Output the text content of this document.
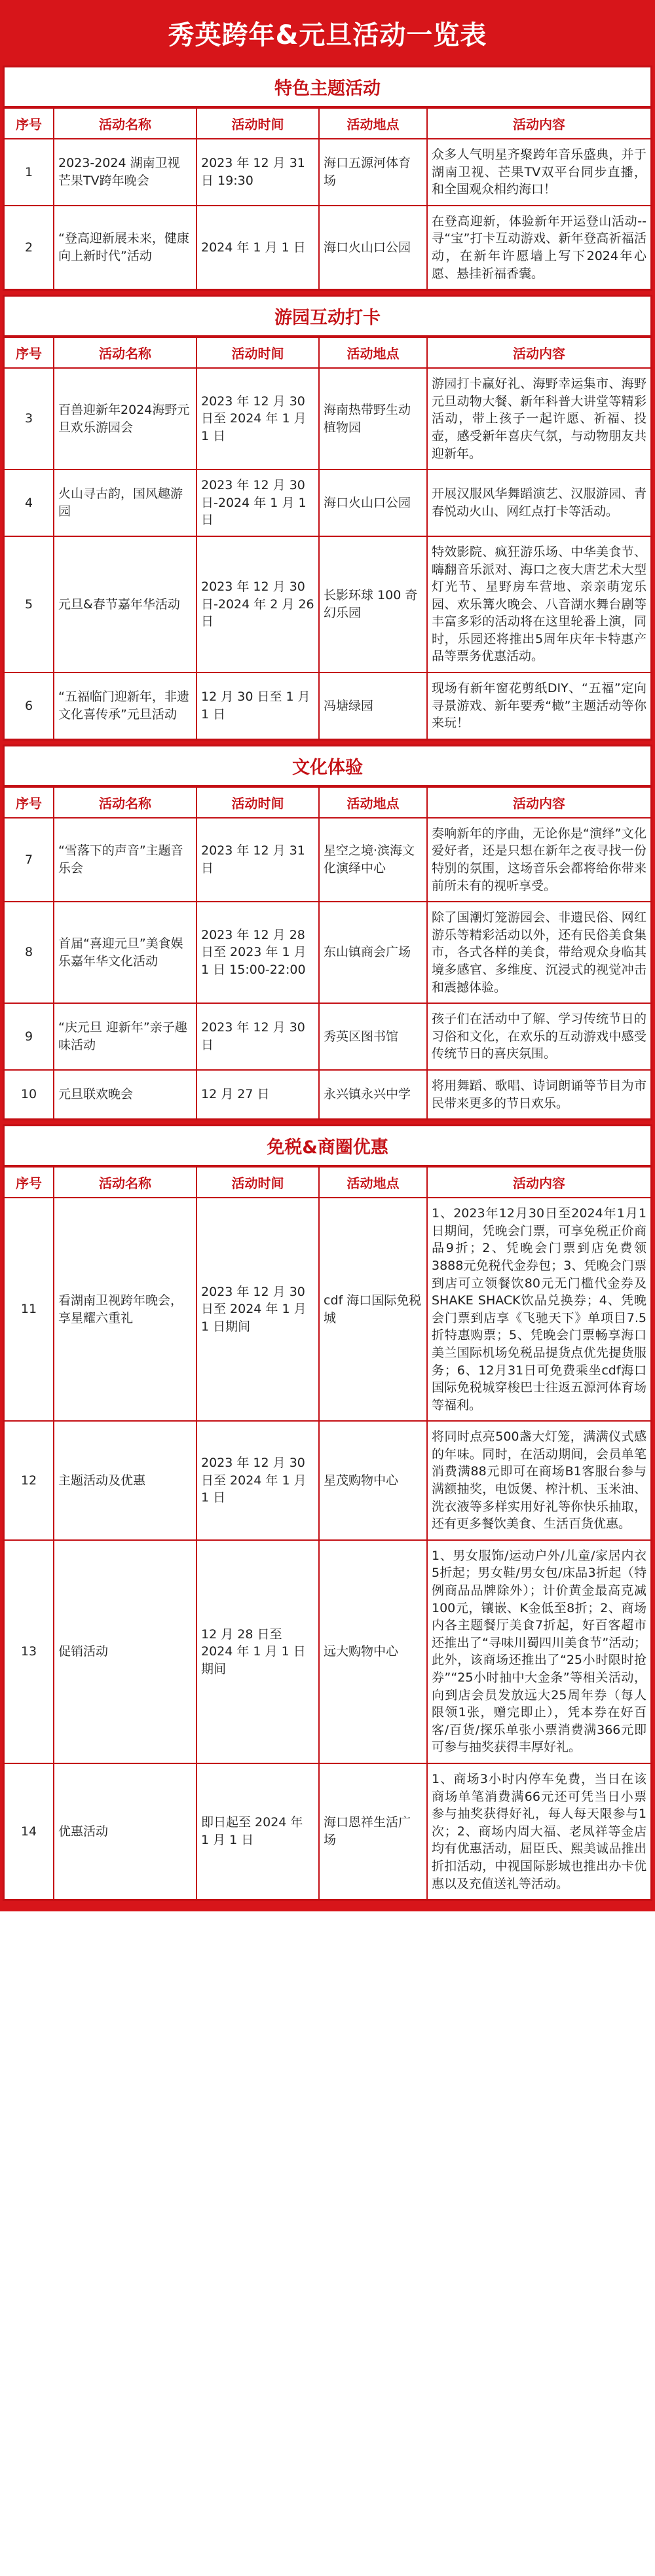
秀英跨年&元旦活动一览表
特色主题活动
序号	活动名称	活动时间	活动地点	活动内容
1	2023-2024 湖南卫视芒果TV跨年晚会	2023 年 12 月 31日 19:30	海口五源河体育场	众多人气明星齐聚跨年音乐盛典，并于湖南卫视、芒果TV双平台同步直播，和全国观众相约海口！
2	“登高迎新展未来，健康向上新时代”活动	2024 年 1 月 1 日	海口火山口公园	在登高迎新，体验新年开运登山活动--寻“宝”打卡互动游戏、新年登高祈福活动，在新年许愿墙上写下2024年心愿、悬挂祈福香囊。
游园互动打卡
序号	活动名称	活动时间	活动地点	活动内容
3	百兽迎新年2024海野元旦欢乐游园会	2023 年 12 月 30 日至 2024 年 1 月 1 日	海南热带野生动植物园	游园打卡赢好礼、海野幸运集市、海野元旦动物大餐、新年科普大讲堂等精彩活动，带上孩子一起许愿、祈福、投壶，感受新年喜庆气氛，与动物朋友共迎新年。
4	火山寻古韵，国风趣游园	2023 年 12 月 30 日-2024 年 1 月 1 日	海口火山口公园	开展汉服风华舞蹈演艺、汉服游园、青春悦动火山、网红点打卡等活动。
5	元旦&春节嘉年华活动	2023 年 12 月 30 日-2024 年 2 月 26 日	长影环球 100 奇幻乐园	特效影院、疯狂游乐场、中华美食节、嗨翻音乐派对、海口之夜大唐艺术大型灯光节、星野房车营地、亲亲萌宠乐园、欢乐篝火晚会、八音湖水舞台剧等丰富多彩的活动将在这里轮番上演，同时，乐园还将推出5周年庆年卡特惠产品等票务优惠活动。
6	“五福临门迎新年，非遗文化喜传承”元旦活动	12 月 30 日至 1 月 1 日	冯塘绿园	现场有新年窗花剪纸DIY、“五福”定向寻景游戏、新年要秀“橄”主题活动等你来玩！
文化体验
序号	活动名称	活动时间	活动地点	活动内容
7	“雪落下的声音”主题音乐会	2023 年 12 月 31 日	星空之境·滨海文化演绎中心	奏响新年的序曲，无论你是“演绎”文化爱好者，还是只想在新年之夜寻找一份特别的氛围，这场音乐会都将给你带来前所未有的视听享受。
8	首届“喜迎元旦”美食娱乐嘉年华文化活动	2023 年 12 月 28 日至 2023 年 1 月 1 日 15:00-22:00	东山镇商会广场	除了国潮灯笼游园会、非遗民俗、网红游乐等精彩活动以外，还有民俗美食集市，各式各样的美食，带给观众身临其境多感官、多维度、沉浸式的视觉冲击和震撼体验。
9	“庆元旦 迎新年”亲子趣味活动	2023 年 12 月 30 日	秀英区图书馆	孩子们在活动中了解、学习传统节日的习俗和文化，在欢乐的互动游戏中感受传统节日的喜庆氛围。
10	元旦联欢晚会	12 月 27 日	永兴镇永兴中学	将用舞蹈、歌唱、诗词朗诵等节目为市民带来更多的节日欢乐。
免税&商圈优惠
序号	活动名称	活动时间	活动地点	活动内容
11	看湖南卫视跨年晚会，享星耀六重礼	2023 年 12 月 30 日至 2024 年 1 月 1 日期间	cdf 海口国际免税城	1、2023年12月30日至2024年1月1日期间，凭晚会门票，可享免税正价商品9折；2、凭晚会门票到店免费领3888元免税代金券包；3、凭晚会门票到店可立领餐饮80元无门槛代金券及SHAKE SHACK饮品兑换券；4、凭晚会门票到店享《飞驰天下》单项目7.5折特惠购票；5、凭晚会门票畅享海口美兰国际机场免税品提货点优先提货服务；6、12月31日可免费乘坐cdf海口国际免税城穿梭巴士往返五源河体育场等福利。
12	主题活动及优惠	2023 年 12 月 30 日至 2024 年 1 月 1 日	星茂购物中心	将同时点亮500盏大灯笼，满满仪式感的年味。同时，在活动期间，会员单笔消费满88元即可在商场B1客服台参与满额抽奖，电饭煲、榨汁机、玉米油、洗衣液等多样实用好礼等你快乐抽取，还有更多餐饮美食、生活百货优惠。
13	促销活动	12 月 28 日至 2024 年 1 月 1 日期间	远大购物中心	1、男女服饰/运动户外/儿童/家居内衣5折起；男女鞋/男女包/床品3折起（特例商品品牌除外）；计价黄金最高克减100元，镶嵌、K金低至8折；2、商场内各主题餐厅美食7折起，好百客超市还推出了“寻味川蜀四川美食节”活动；此外，该商场还推出了“25小时限时抢券”“25小时抽中大金条”等相关活动，向到店会员发放远大25周年券（每人限领1张，赠完即止），凭本券在好百客/百货/探乐单张小票消费满366元即可参与抽奖获得丰厚好礼。
14	优惠活动	即日起至 2024 年 1 月 1 日	海口恩祥生活广场	1、商场3小时内停车免费，当日在该商场单笔消费满66元还可凭当日小票参与抽奖获得好礼，每人每天限参与1次；2、商场内周大福、老凤祥等金店均有优惠活动，屈臣氏、熙美诚品推出折扣活动，中视国际影城也推出办卡优惠以及充值送礼等活动。
